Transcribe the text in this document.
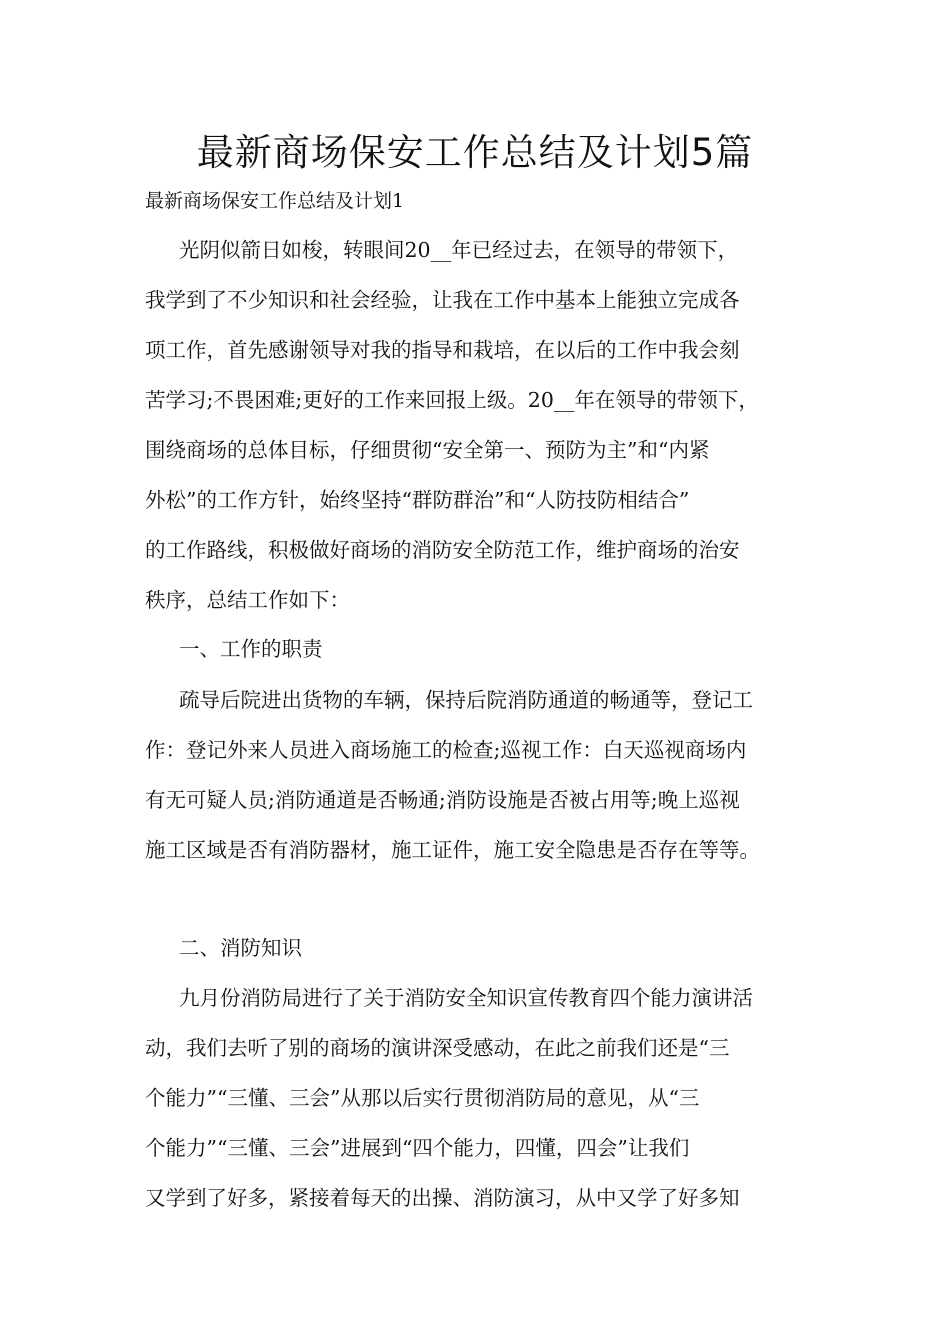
最新商场保安工作总结及计划5篇
最新商场保安工作总结及计划1
光阴似箭日如梭，转眼间20__年已经过去，在领导的带领下，
我学到了不少知识和社会经验，让我在工作中基本上能独立完成各
项工作，首先感谢领导对我的指导和栽培，在以后的工作中我会刻
苦学习;不畏困难;更好的工作来回报上级。20__年在领导的带领下，
围绕商场的总体目标，仔细贯彻“安全第一、预防为主”和“内紧
外松”的工作方针，始终坚持“群防群治”和“人防技防相结合”
的工作路线，积极做好商场的消防安全防范工作，维护商场的治安
秩序，总结工作如下：
一、工作的职责
疏导后院进出货物的车辆，保持后院消防通道的畅通等，登记工
作：登记外来人员进入商场施工的检查;巡视工作：白天巡视商场内
有无可疑人员;消防通道是否畅通;消防设施是否被占用等;晚上巡视
施工区域是否有消防器材，施工证件，施工安全隐患是否存在等等。
二、消防知识
九月份消防局进行了关于消防安全知识宣传教育四个能力演讲活
动，我们去听了别的商场的演讲深受感动，在此之前我们还是“三
个能力”“三懂、三会”从那以后实行贯彻消防局的意见，从“三
个能力”“三懂、三会”进展到“四个能力，四懂，四会”让我们
又学到了好多，紧接着每天的出操、消防演习，从中又学了好多知
